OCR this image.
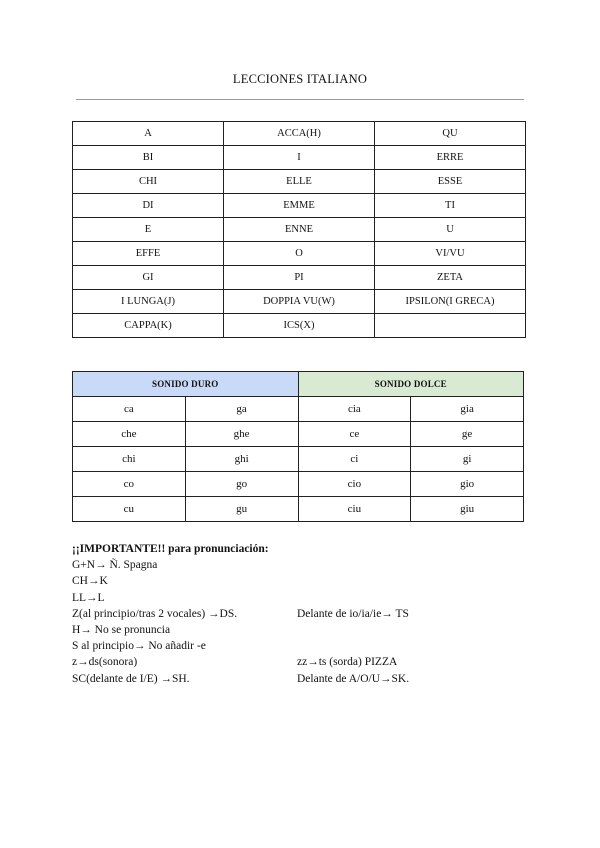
LECCIONES ITALIANO
A	ACCA(H)	QU
BI	I	ERRE
CHI	ELLE	ESSE
DI	EMME	TI
E	ENNE	U
EFFE	O	VI/VU
GI	PI	ZETA
I LUNGA(J)	DOPPIA VU(W)	IPSILON(I GRECA)
CAPPA(K)	ICS(X)	
SONIDO DURO		SONIDO DOLCE	
ca	ga	cia	gia
che	ghe	ce	ge
chi	ghi	ci	gi
co	go	cio	gio
cu	gu	ciu	giu
¡¡IMPORTANTE!! para pronunciación:
G+N→ Ñ. Spagna
CH→K
LL→L
Z(al principio/tras 2 vocales) →DS.	Delante de io/ia/ie→ TS
H→ No se pronuncia
S al principio→ No añadir -e
z→ds(sonora)	zz→ts (sorda) PIZZA
SC(delante de I/E) →SH.	Delante de A/O/U→SK.
